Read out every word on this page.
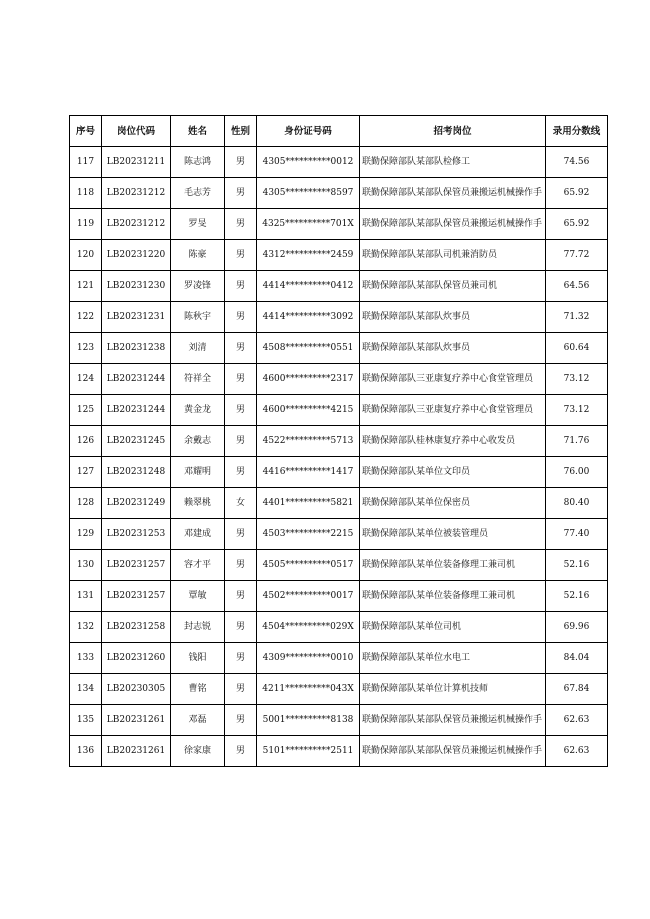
序号	岗位代码	姓名	性别	身份证号码	招考岗位	录用分数线
117	LB20231211	陈志鸿	男	4305**********0012	联勤保障部队某部队检修工	74.56
118	LB20231212	毛志芳	男	4305**********8597	联勤保障部队某部队保管员兼搬运机械操作手	65.92
119	LB20231212	罗旻	男	4325**********701X	联勤保障部队某部队保管员兼搬运机械操作手	65.92
120	LB20231220	陈豪	男	4312**********2459	联勤保障部队某部队司机兼消防员	77.72
121	LB20231230	罗凌锋	男	4414**********0412	联勤保障部队某部队保管员兼司机	64.56
122	LB20231231	陈秋宇	男	4414**********3092	联勤保障部队某部队炊事员	71.32
123	LB20231238	刘清	男	4508**********0551	联勤保障部队某部队炊事员	60.64
124	LB20231244	符祥全	男	4600**********2317	联勤保障部队三亚康复疗养中心食堂管理员	73.12
125	LB20231244	黄金龙	男	4600**********4215	联勤保障部队三亚康复疗养中心食堂管理员	73.12
126	LB20231245	余戴志	男	4522**********5713	联勤保障部队桂林康复疗养中心收发员	71.76
127	LB20231248	邓耀明	男	4416**********1417	联勤保障部队某单位文印员	76.00
128	LB20231249	赖翠桃	女	4401**********5821	联勤保障部队某单位保密员	80.40
129	LB20231253	邓建成	男	4503**********2215	联勤保障部队某单位被装管理员	77.40
130	LB20231257	容才平	男	4505**********0517	联勤保障部队某单位装备修理工兼司机	52.16
131	LB20231257	覃敏	男	4502**********0017	联勤保障部队某单位装备修理工兼司机	52.16
132	LB20231258	封志锐	男	4504**********029X	联勤保障部队某单位司机	69.96
133	LB20231260	钱阳	男	4309**********0010	联勤保障部队某单位水电工	84.04
134	LB20230305	曹铭	男	4211**********043X	联勤保障部队某单位计算机技师	67.84
135	LB20231261	邓磊	男	5001**********8138	联勤保障部队某部队保管员兼搬运机械操作手	62.63
136	LB20231261	徐家康	男	5101**********2511	联勤保障部队某部队保管员兼搬运机械操作手	62.63
